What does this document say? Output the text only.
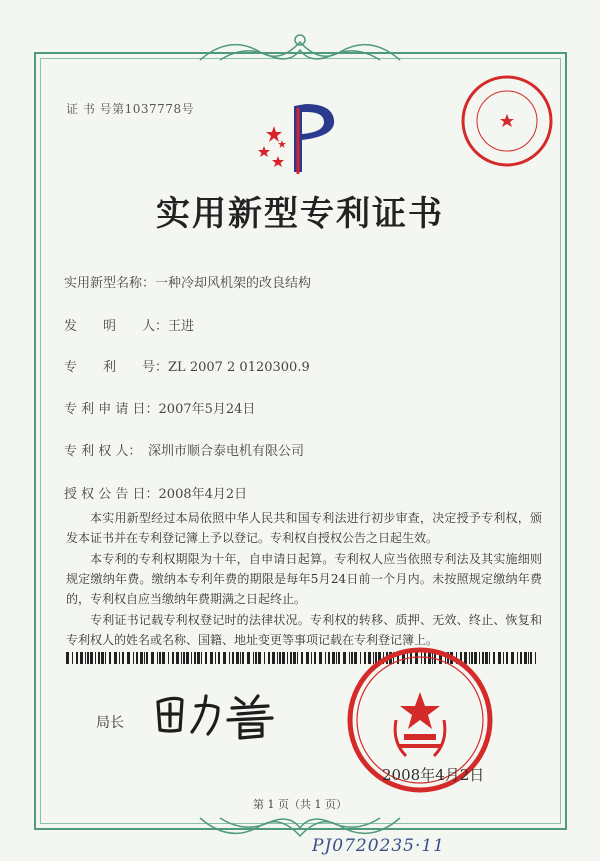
证 书 号第1037778号
实用新型专利证书
实用新型名称：一种冷却风机架的改良结构
发　　明　　人：王进
专　　利　　号：ZL 2007 2 0120300.9
专 利 申 请 日：2007年5月24日
专 利 权 人： 深圳市顺合泰电机有限公司
授 权 公 告 日：2008年4月2日

本实用新型经过本局依照中华人民共和国专利法进行初步审查，决定授予专利权，颁发本证书并在专利登记簿上予以登记。专利权自授权公告之日起生效。

本专利的专利权期限为十年，自申请日起算。专利权人应当依照专利法及其实施细则规定缴纳年费。缴纳本专利年费的期限是每年5月24日前一个月内。未按照规定缴纳年费的，专利权自应当缴纳年费期满之日起终止。

专利证书记载专利权登记时的法律状况。专利权的转移、质押、无效、终止、恢复和专利权人的姓名或名称、国籍、地址变更等事项记载在专利登记簿上。

局长
2008年4月2日
第 1 页（共 1 页）
PJ0720235·11
